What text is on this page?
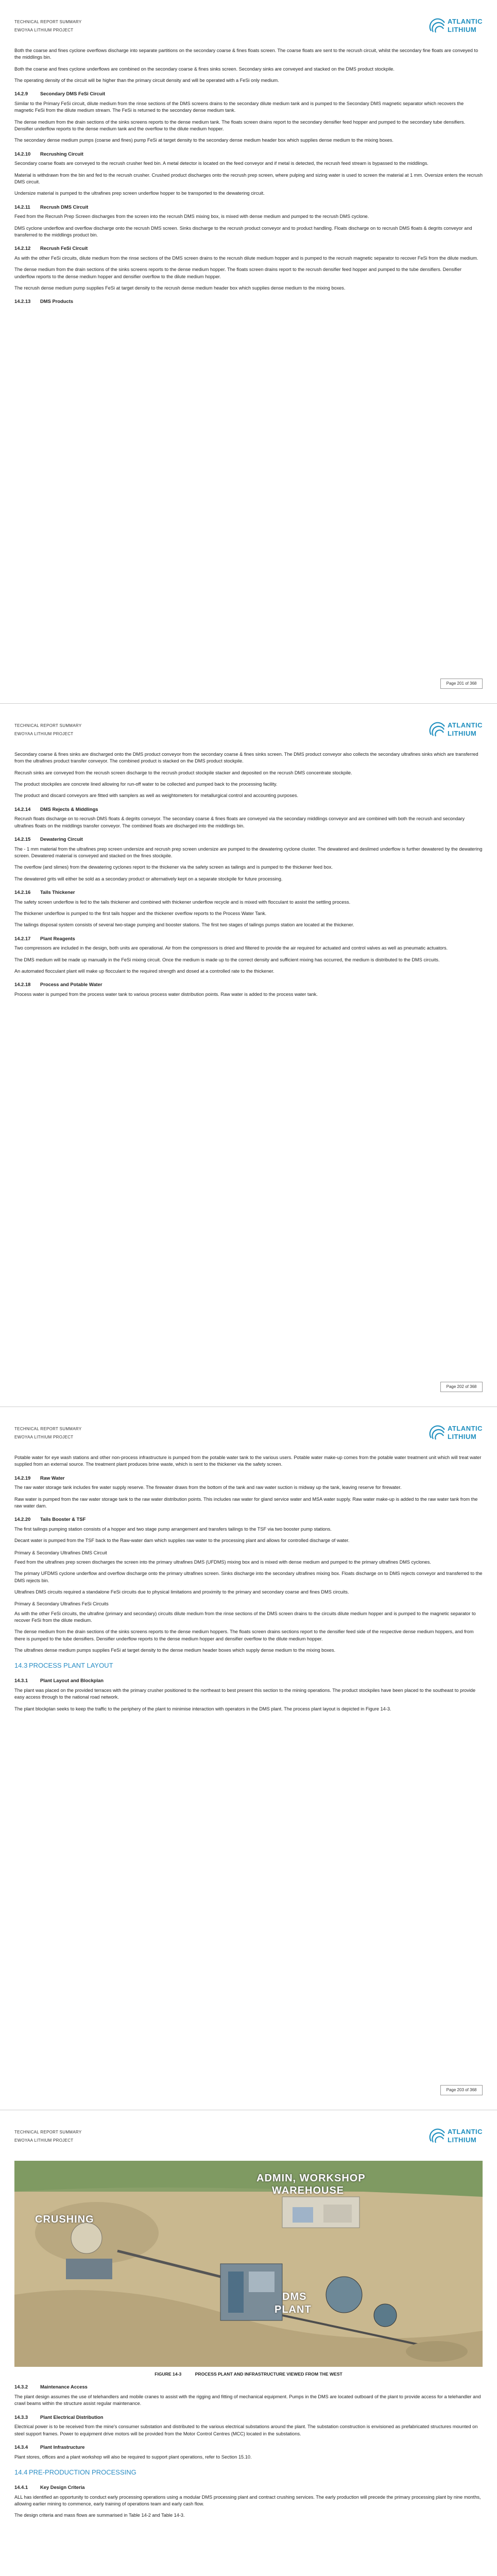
TECHNICAL REPORT SUMMARY
EWOYAA LITHIUM PROJECT
ATLANTIC
LITHIUM

Both the coarse and fines cyclone overflows discharge into separate partitions on the secondary coarse & fines floats screen. The coarse floats are sent to the recrush circuit, whilst the secondary fine floats are conveyed to the middlings bin.

Both the coarse and fines cyclone underflows are combined on the secondary coarse & fines sinks screen. Secondary sinks are conveyed and stacked on the DMS product stockpile.

The operating density of the circuit will be higher than the primary circuit density and will be operated with a FeSi only medium.

14.2.9	Secondary DMS FeSi Circuit

Similar to the Primary FeSi circuit, dilute medium from the rinse sections of the DMS screens drains to the secondary dilute medium tank and is pumped to the Secondary DMS magnetic separator which recovers the magnetic FeSi from the dilute medium stream. The FeSi is returned to the secondary dense medium tank.

The dense medium from the drain sections of the sinks screens reports to the dense medium tank. The floats screen drains report to the secondary densifier feed hopper and pumped to the secondary tube densifiers. Densifier underflow reports to the dense medium tank and the overflow to the dilute medium hopper.

The secondary dense medium pumps (coarse and fines) pump FeSi at target density to the secondary dense medium header box which supplies dense medium to the mixing boxes.

14.2.10 Recrushing Circuit

Secondary coarse floats are conveyed to the recrush crusher feed bin. A metal detector is located on the feed conveyor and if metal is detected, the recrush feed stream is bypassed to the middlings.

Material is withdrawn from the bin and fed to the recrush crusher. Crushed product discharges onto the recrush prep screen, where pulping and sizing water is used to screen the material at 1 mm. Oversize enters the recrush DMS circuit.

Undersize material is pumped to the ultrafines prep screen underflow hopper to be transported to the dewatering circuit.

14.2.11 Recrush DMS Circuit

Feed from the Recrush Prep Screen discharges from the screen into the recrush DMS mixing box, is mixed with dense medium and pumped to the recrush DMS cyclone.

DMS cyclone underflow and overflow discharge onto the recrush DMS screen. Sinks discharge to the recrush product conveyor and to product handling. Floats discharge on to recrush DMS floats & degrits conveyor and transferred to the middlings product bin.

14.2.12 Recrush FeSi Circuit

As with the other FeSi circuits, dilute medium from the rinse sections of the DMS screen drains to the recrush dilute medium hopper and is pumped to the recrush magnetic separator to recover FeSi from the dilute medium.

The dense medium from the drain sections of the sinks screens reports to the dense medium hopper. The floats screen drains report to the recrush densifier feed hopper and pumped to the tube densifiers. Densifier underflow reports to the dense medium hopper and densifier overflow to the dilute medium hopper.

The recrush dense medium pump supplies FeSi at target density to the recrush dense medium header box which supplies dense medium to the mixing boxes.

14.2.13 DMS Products
Page 201 of 368
TECHNICAL REPORT SUMMARY
EWOYAA LITHIUM PROJECT
ATLANTIC
LITHIUM

Secondary coarse & fines sinks are discharged onto the DMS product conveyor from the secondary coarse & fines sinks screen. The DMS product conveyor also collects the secondary ultrafines sinks which are transferred from the ultrafines product transfer conveyor. The combined product is stacked on the DMS product stockpile.

Recrush sinks are conveyed from the recrush screen discharge to the recrush product stockpile stacker and deposited on the recrush DMS concentrate stockpile.

The product stockpiles are concrete lined allowing for run-off water to be collected and pumped back to the processing facility.

The product and discard conveyors are fitted with samplers as well as weightometers for metallurgical control and accounting purposes.

14.2.14 DMS Rejects & Middlings

Recrush floats discharge on to recrush DMS floats & degrits conveyor. The secondary coarse & fines floats are conveyed via the secondary middlings conveyor and are combined with both the recrush and secondary ultrafines floats on the middlings transfer conveyor. The combined floats are discharged into the middlings bin.

14.2.15 Dewatering Circuit

The - 1 mm material from the ultrafines prep screen undersize and recrush prep screen undersize are pumped to the dewatering cyclone cluster. The dewatered and deslimed underflow is further dewatered by the dewatering screen. Dewatered material is conveyed and stacked on the fines stockpile.

The overflow (and slimes) from the dewatering cyclones report to the thickener via the safety screen as tailings and is pumped to the thickener feed box.

The dewatered grits will either be sold as a secondary product or alternatively kept on a separate stockpile for future processing.

14.2.16 Tails Thickener

The safety screen underflow is fed to the tails thickener and combined with thickener underflow recycle and is mixed with flocculant to assist the settling process.

The thickener underflow is pumped to the first tails hopper and the thickener overflow reports to the Process Water Tank.

The tailings disposal system consists of several two-stage pumping and booster stations. The first two stages of tailings pumps station are located at the thickener.

14.2.17 Plant Reagents

Two compressors are included in the design, both units are operational. Air from the compressors is dried and filtered to provide the air required for actuated and control valves as well as pneumatic actuators.

The DMS medium will be made up manually in the FeSi mixing circuit. Once the medium is made up to the correct density and sufficient mixing has occurred, the medium is distributed to the DMS circuits.

An automated flocculant plant will make up flocculant to the required strength and dosed at a controlled rate to the thickener.

14.2.18 Process and Potable Water

Process water is pumped from the process water tank to various process water distribution points. Raw water is added to the process water tank.

Page 202 of 368
TECHNICAL REPORT SUMMARY
EWOYAA LITHIUM PROJECT
ATLANTIC
LITHIUM

Potable water for eye wash stations and other non-process infrastructure is pumped from the potable water tank to the various users. Potable water make-up comes from the potable water treatment unit which will treat water supplied from an external source. The treatment plant produces brine waste, which is sent to the thickener via the safety screen.

14.2.19 Raw Water

The raw water storage tank includes fire water supply reserve. The firewater draws from the bottom of the tank and raw water suction is midway up the tank, leaving reserve for firewater.

Raw water is pumped from the raw water storage tank to the raw water distribution points. This includes raw water for gland service water and MSA water supply. Raw water make-up is added to the raw water tank from the raw water dam.

14.2.20 Tails Booster & TSF

The first tailings pumping station consists of a hopper and two stage pump arrangement and transfers tailings to the TSF via two booster pump stations.

Decant water is pumped from the TSF back to the Raw-water dam which supplies raw water to the processing plant and allows for controlled discharge of water.

Primary & Secondary Ultrafines DMS Circuit

Feed from the ultrafines prep screen discharges the screen into the primary ultrafines DMS (UFDMS) mixing box and is mixed with dense medium and pumped to the primary ultrafines DMS cyclones.

The primary UFDMS cyclone underflow and overflow discharge onto the primary ultrafines screen. Sinks discharge into the secondary ultrafines mixing box. Floats discharge on to DMS rejects conveyor and transferred to the DMS rejects bin.

Ultrafines DMS circuits required a standalone FeSi circuits due to physical limitations and proximity to the primary and secondary coarse and fines DMS circuits.

Primary & Secondary Ultrafines FeSi Circuits

As with the other FeSi circuits, the ultrafine (primary and secondary) circuits dilute medium from the rinse sections of the DMS screen drains to the circuits dilute medium hopper and is pumped to the magnetic separator to recover FeSi from the dilute medium.

The dense medium from the drain sections of the sinks screens reports to the dense medium hoppers. The floats screen drains sections report to the densifier feed side of the respective dense medium hoppers, and from there is pumped to the tube densifiers. Densifier underflow reports to the dense medium hopper and densifier overflow to the dilute medium hopper.

The ultrafines dense medium pumps supplies FeSi at target density to the dense medium header boxes which supply dense medium to the mixing boxes.

14.3 PROCESS PLANT LAYOUT
14.3.1	Plant Layout and Blockplan

The plant was placed on the provided terraces with the primary crusher positioned to the northeast to best present this section to the mining operations. The product stockpiles have been placed to the southeast to provide easy access through to the national road network.

The plant blockplan seeks to keep the traffic to the periphery of the plant to minimise interaction with operators in the DMS plant. The process plant layout is depicted in Figure 14-3.

Page 203 of 368
TECHNICAL REPORT SUMMARY
EWOYAA LITHIUM PROJECT
ATLANTIC
LITHIUM
ADMIN, WORKSHOP
WAREHOUSE
CRUSHING
DMS
PLANT
FIGURE 14-3	PROCESS PLANT AND INFRASTRUCTURE VIEWED FROM THE WEST
14.3.2	Maintenance Access

The plant design assumes the use of telehandlers and mobile cranes to assist with the rigging and fitting of mechanical equipment. Pumps in the DMS are located outboard of the plant to provide access for a telehandler and crawl beams within the structure assist regular maintenance.

14.3.3	Plant Electrical Distribution

Electrical power is to be received from the mine's consumer substation and distributed to the various electrical substations around the plant. The substation construction is envisioned as prefabricated structures mounted on steel support frames. Power to equipment drive motors will be provided from the Motor Control Centres (MCC) located in the substations.

14.3.4	Plant Infrastructure

Plant stores, offices and a plant workshop will also be required to support plant operations, refer to Section 15.10.

14.4 PRE-PRODUCTION PROCESSING
14.4.1	Key Design Criteria

ALL has identified an opportunity to conduct early processing operations using a modular DMS processing plant and contract crushing services. The early production will precede the primary processing plant by nine months, allowing earlier mining to commence, early training of operations team and early cash flow.

The design criteria and mass flows are summarised in Table 14-2 and Table 14-3.
